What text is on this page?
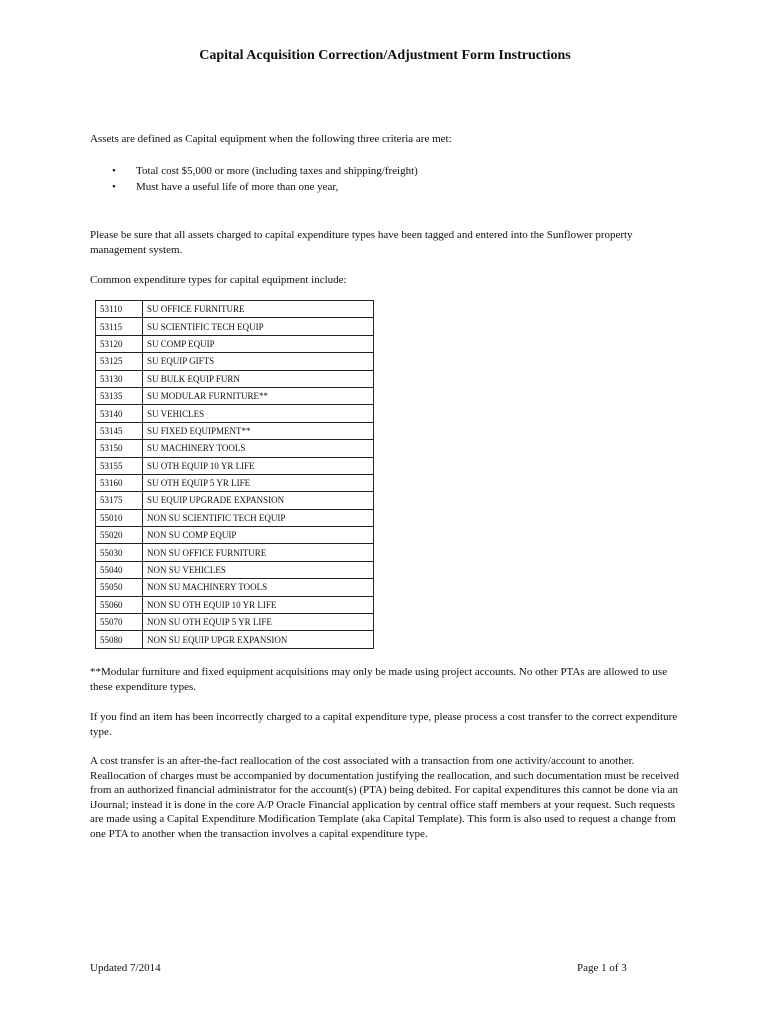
Capital Acquisition Correction/Adjustment Form Instructions
Assets are defined as Capital equipment when the following three criteria are met:
• Total cost $5,000 or more (including taxes and shipping/freight)
• Must have a useful life of more than one year,
Please be sure that all assets charged to capital expenditure types have been tagged and entered into the Sunflower property management system.
Common expenditure types for capital equipment include:
53110	SU OFFICE FURNITURE
53115	SU SCIENTIFIC TECH EQUIP
53120	SU COMP EQUIP
53125	SU EQUIP GIFTS
53130	SU BULK EQUIP FURN
53135	SU MODULAR FURNITURE**
53140	SU VEHICLES
53145	SU FIXED EQUIPMENT**
53150	SU MACHINERY TOOLS
53155	SU OTH EQUIP 10 YR LIFE
53160	SU OTH EQUIP 5 YR LIFE
53175	SU EQUIP UPGRADE EXPANSION
55010	NON SU SCIENTIFIC TECH EQUIP
55020	NON SU COMP EQUIP
55030	NON SU OFFICE FURNITURE
55040	NON SU VEHICLES
55050	NON SU MACHINERY TOOLS
55060	NON SU OTH EQUIP 10 YR LIFE
55070	NON SU OTH EQUIP 5 YR LIFE
55080	NON SU EQUIP UPGR EXPANSION
**Modular furniture and fixed equipment acquisitions may only be made using project accounts. No other PTAs are allowed to use these expenditure types.
If you find an item has been incorrectly charged to a capital expenditure type, please process a cost transfer to the correct expenditure type.
A cost transfer is an after-the-fact reallocation of the cost associated with a transaction from one activity/account to another. Reallocation of charges must be accompanied by documentation justifying the reallocation, and such documentation must be received from an authorized financial administrator for the account(s) (PTA) being debited. For capital expenditures this cannot be done via an iJournal; instead it is done in the core A/P Oracle Financial application by central office staff members at your request. Such requests are made using a Capital Expenditure Modification Template (aka Capital Template). This form is also used to request a change from one PTA to another when the transaction involves a capital expenditure type.
Updated 7/2014	Page 1 of 3
